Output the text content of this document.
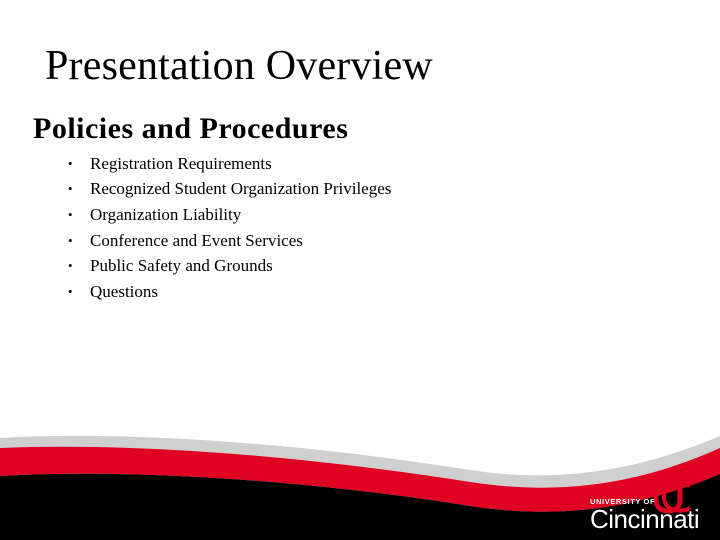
Presentation Overview
Policies and Procedures
•	Registration Requirements
•	Recognized Student Organization Privileges
•	Organization Liability
•	Conference and Event Services
•	Public Safety and Grounds
•	Questions
UNIVERSITY OF
Cincinnati
